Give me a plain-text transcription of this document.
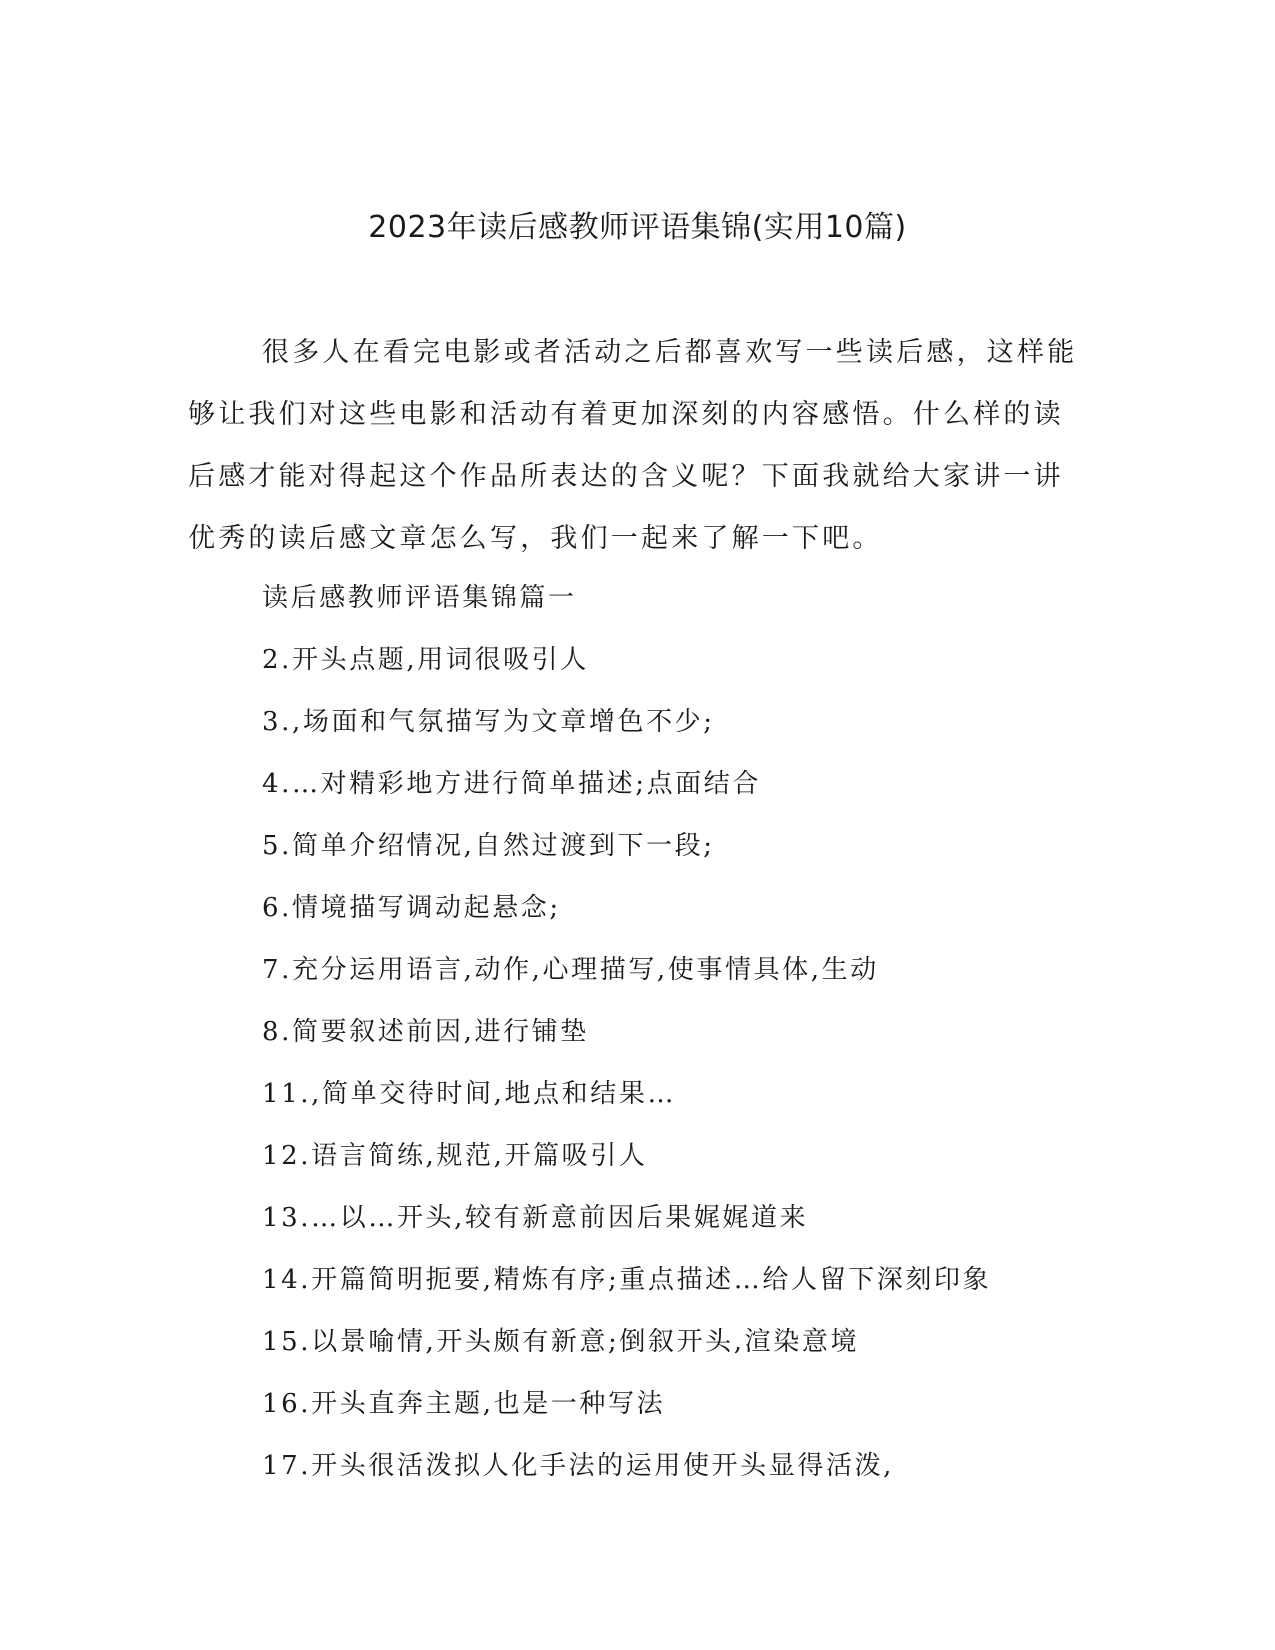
2023年读后感教师评语集锦(实用10篇)

很多人在看完电影或者活动之后都喜欢写一些读后感，这样能够让我们对这些电影和活动有着更加深刻的内容感悟。什么样的读后感才能对得起这个作品所表达的含义呢？下面我就给大家讲一讲优秀的读后感文章怎么写，我们一起来了解一下吧。

读后感教师评语集锦篇一
2.开头点题,用词很吸引人
3.,场面和气氛描写为文章增色不少;
4.…对精彩地方进行简单描述;点面结合
5.简单介绍情况,自然过渡到下一段;
6.情境描写调动起悬念;
7.充分运用语言,动作,心理描写,使事情具体,生动
8.简要叙述前因,进行铺垫
11.,简单交待时间,地点和结果…
12.语言简练,规范,开篇吸引人
13.…以…开头,较有新意前因后果娓娓道来
14.开篇简明扼要,精炼有序;重点描述…给人留下深刻印象
15.以景喻情,开头颇有新意;倒叙开头,渲染意境
16.开头直奔主题,也是一种写法
17.开头很活泼拟人化手法的运用使开头显得活泼,
